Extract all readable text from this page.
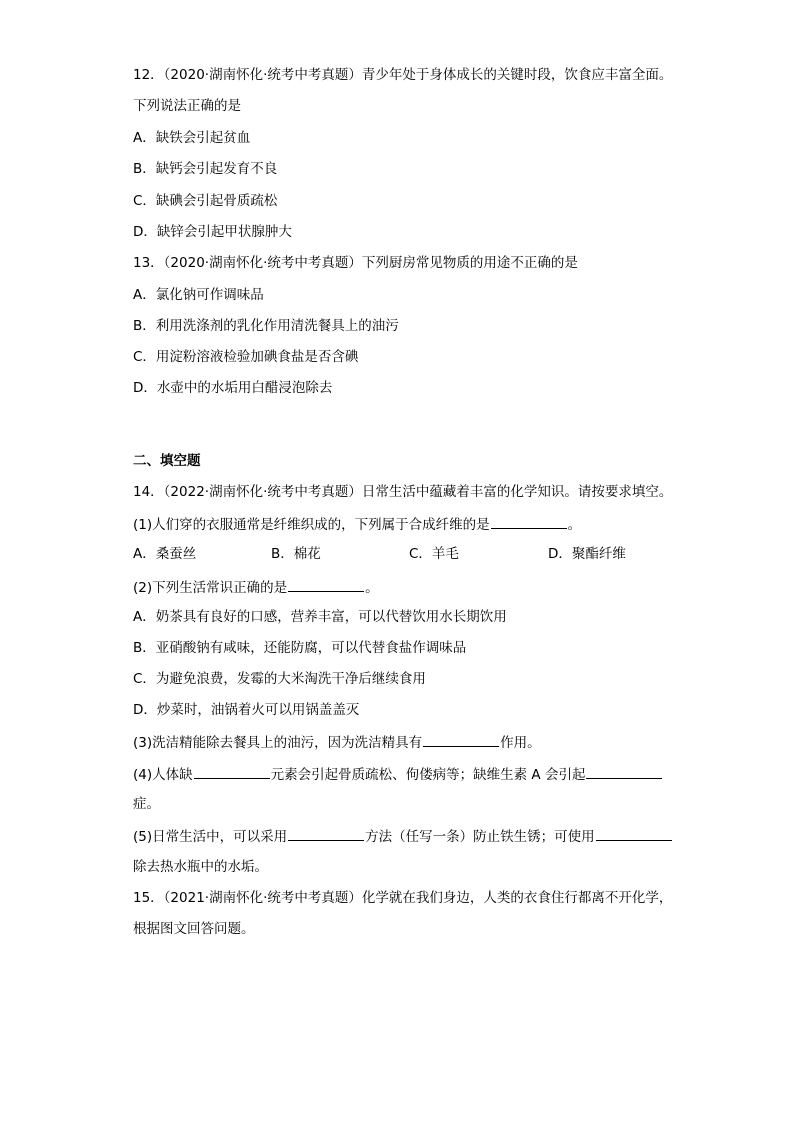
12．（2020·湖南怀化·统考中考真题）青少年处于身体成长的关键时段，饮食应丰富全面。
下列说法正确的是
A．缺铁会引起贫血
B．缺钙会引起发育不良
C．缺碘会引起骨质疏松
D．缺锌会引起甲状腺肿大
13．（2020·湖南怀化·统考中考真题）下列厨房常见物质的用途不正确的是
A．氯化钠可作调味品
B．利用洗涤剂的乳化作用清洗餐具上的油污
C．用淀粉溶液检验加碘食盐是否含碘
D．水壶中的水垢用白醋浸泡除去
二、填空题
14．（2022·湖南怀化·统考中考真题）日常生活中蕴藏着丰富的化学知识。请按要求填空。
(1)人们穿的衣服通常是纤维织成的，下列属于合成纤维的是	。
A．桑蚕丝	B．棉花	C．羊毛	D．聚酯纤维
(2)下列生活常识正确的是	。
A．奶茶具有良好的口感，营养丰富，可以代替饮用水长期饮用
B．亚硝酸钠有咸味，还能防腐，可以代替食盐作调味品
C．为避免浪费，发霉的大米淘洗干净后继续食用
D．炒菜时，油锅着火可以用锅盖盖灭
(3)洗洁精能除去餐具上的油污，因为洗洁精具有	作用。
(4)人体缺	元素会引起骨质疏松、佝偻病等；缺维生素 A 会引起
症。
(5)日常生活中，可以采用	方法（任写一条）防止铁生锈；可使用
除去热水瓶中的水垢。
15．（2021·湖南怀化·统考中考真题）化学就在我们身边，人类的衣食住行都离不开化学，
根据图文回答问题。
